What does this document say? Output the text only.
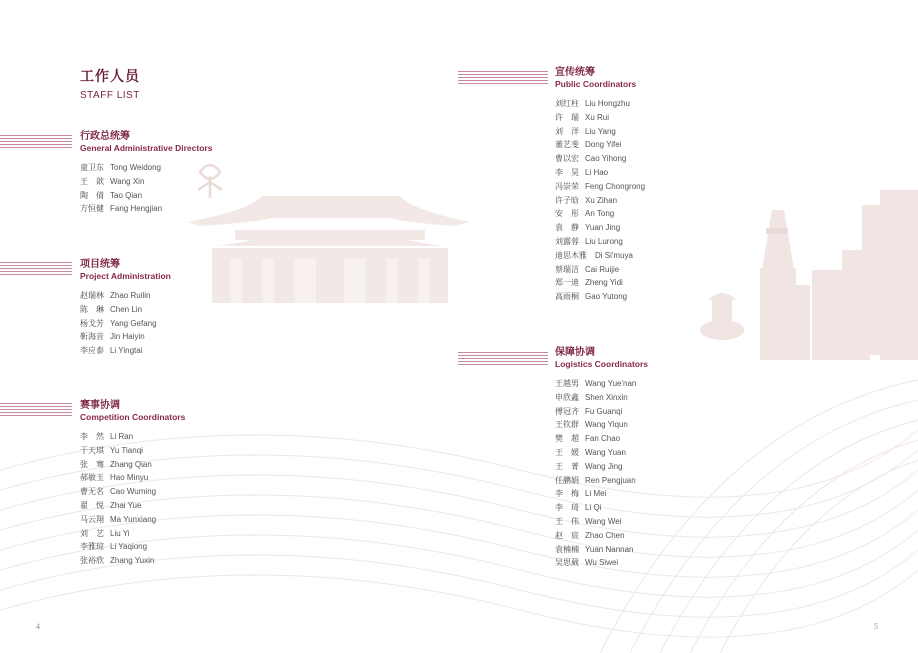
工作人员
STAFF LIST
行政总统筹
General Administrative Directors
童卫东 Tong Weidong
王　歆 Wang Xin
陶　倩 Tao Qian
方恒健 Fang Hengjian
项目统筹
Project Administration
赵瑞林 Zhao Ruilin
陈　琳 Chen Lin
杨戈芳 Yang Gefang
靳海音 Jin Haiyin
李应泰 Li Yingtai
赛事协调
Competition Coordinators
李　然 Li Ran
于天琪 Yu Tianqi
张　骞 Zhang Qian
郝敏玉 Hao Minyu
曹无名 Cao Wuming
翟　悦 Zhai Yue
马云翔 Ma Yunxiang
刘　艺 Liu Yi
李雅琼 Li Yaqiong
张裕欣 Zhang Yuxin
宣传统筹
Public Coordinators
刘红柱 Liu Hongzhu
许　瑞 Xu Rui
刘　洋 Liu Yang
董艺斐 Dong Yifei
曹以宏 Cao Yihong
李　昊 Li Hao
冯崇荣 Feng Chongrong
许子晗 Xu Zihan
安　彤 An Tong
袁　静 Yuan Jing
刘露蓉 Liu Lurong
迪思木雅 Di Si'muya
蔡瑞洁 Cai Ruijie
郑一迪 Zheng Yidi
高雨桐 Gao Yutong
保障协调
Logistics Coordinators
王越男 Wang Yue'nan
申欣鑫 Shen Xinxin
傅冠齐 Fu Guanqi
王钦群 Wang Yiqun
樊　超 Fan Chao
王　媛 Wang Yuan
王　菁 Wang Jing
任鹏娟 Ren Pengjuan
李　梅 Li Mei
李　琦 Li Qi
王　伟 Wang Wei
赵　宸 Zhao Chen
袁楠楠 Yuan Nannan
吴思葳 Wu Siwei
4	5
